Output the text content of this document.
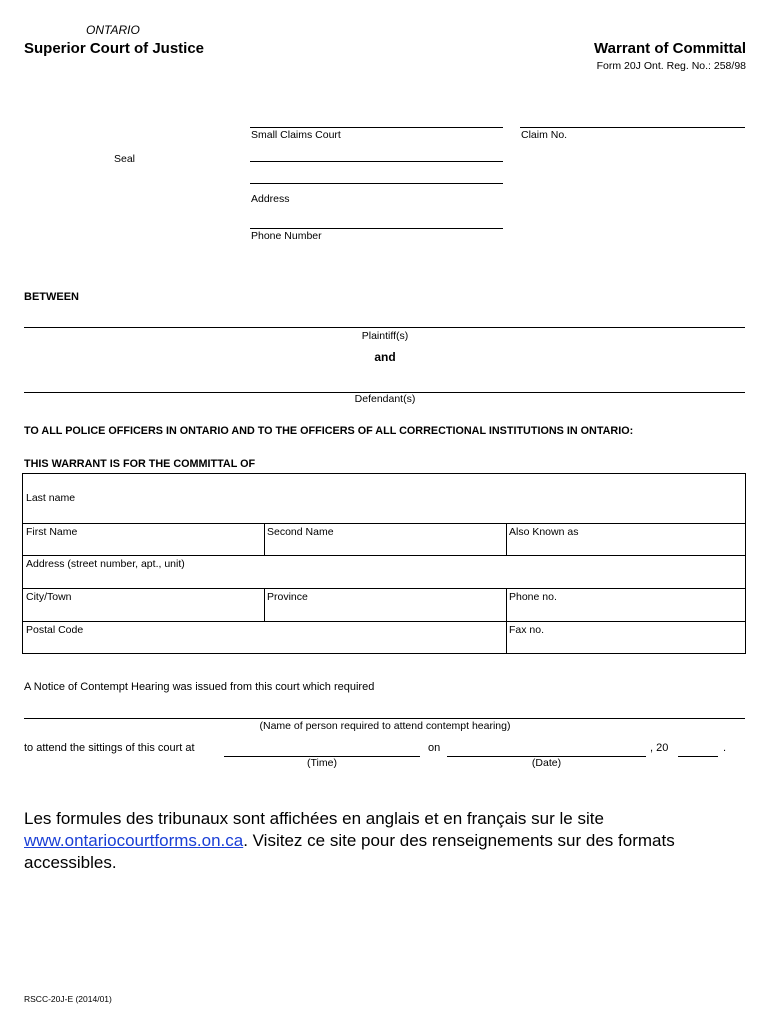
ONTARIO
Superior Court of Justice	Warrant of Committal
Form 20J Ont. Reg. No.: 258/98
Small Claims Court	Claim No.
Seal
Address
Phone Number
BETWEEN
Plaintiff(s)
and
Defendant(s)
TO ALL POLICE OFFICERS IN ONTARIO AND TO THE OFFICERS OF ALL CORRECTIONAL INSTITUTIONS IN ONTARIO:
THIS WARRANT IS FOR THE COMMITTAL OF
Last name
First Name	Second Name	Also Known as
Address (street number, apt., unit)
City/Town	Province	Phone no.
Postal Code	Fax no.
A Notice of Contempt Hearing was issued from this court which required
(Name of person required to attend contempt hearing)
to attend the sittings of this court at
(Time)
on
(Date)
, 20	.
Les formules des tribunaux sont affichées en anglais et en français sur le site
www.ontariocourtforms.on.ca. Visitez ce site pour des renseignements sur des formats
accessibles.
RSCC-20J-E (2014/01)
